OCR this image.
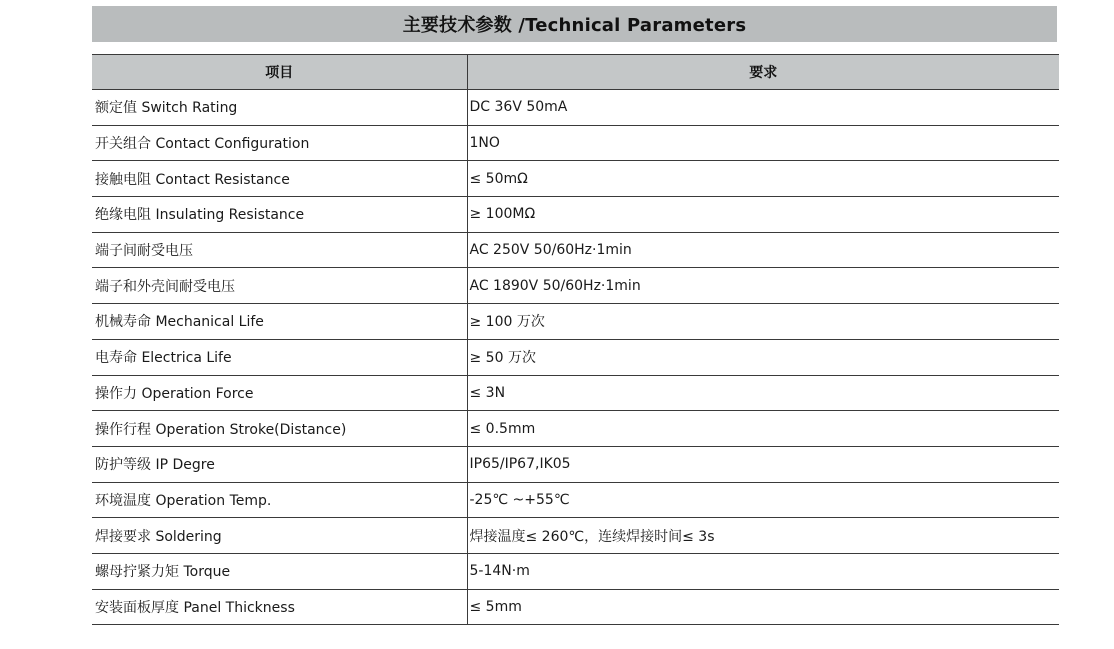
主要技术参数 /Technical Parameters
项目	要求
额定值 Switch Rating	DC 36V 50mA
开关组合 Contact Configuration	1NO
接触电阻 Contact Resistance	≤ 50mΩ
绝缘电阻 Insulating Resistance	≥ 100MΩ
端子间耐受电压	AC 250V 50/60Hz·1min
端子和外壳间耐受电压	AC 1890V 50/60Hz·1min
机械寿命 Mechanical Life	≥ 100 万次
电寿命 Electrica Life	≥ 50 万次
操作力 Operation Force	≤ 3N
操作行程 Operation Stroke(Distance)	≤ 0.5mm
防护等级 IP Degre	IP65/IP67,IK05
环境温度 Operation Temp.	-25℃ ~+55℃
焊接要求 Soldering	焊接温度≤ 260℃，连续焊接时间≤ 3s
螺母拧紧力矩 Torque	5-14N·m
安装面板厚度 Panel Thickness	≤ 5mm
